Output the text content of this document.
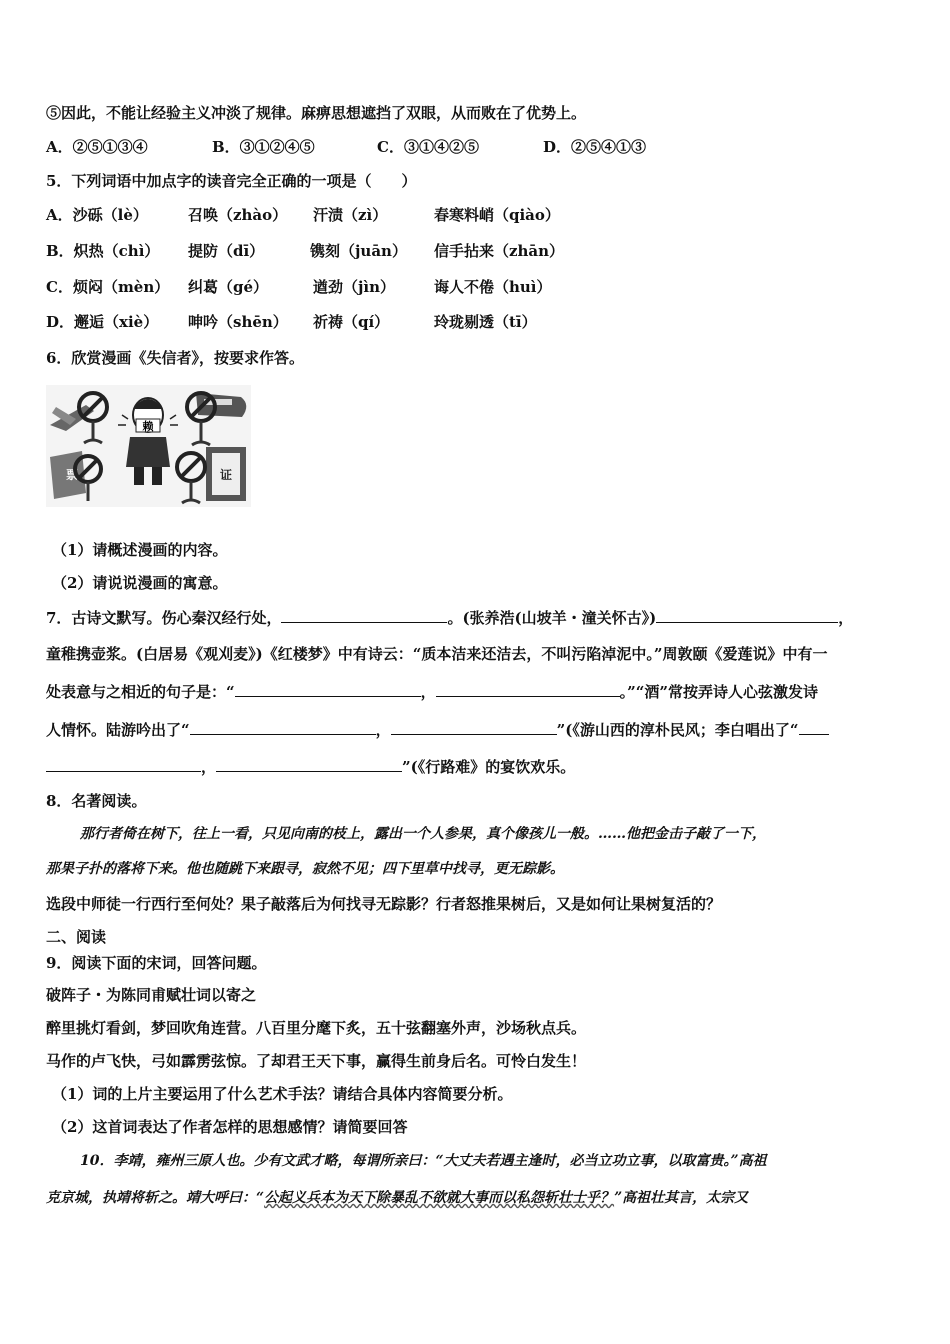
⑤因此，不能让经验主义冲淡了规律。麻痹思想遮挡了双眼，从而败在了优势上。
A．②⑤①③④	B．③①②④⑤	C．③①④②⑤	D．②⑤④①③
5．下列词语中加点字的读音完全正确的一项是（　　）
A．沙砾（lè）	召唤（zhào） 汗渍（zì）	春寒料峭（qiào）
B．炽热（chì） 提防（dī）	镌刻（juān） 信手拈来（zhān）
C．烦闷（mèn） 纠葛（gé）	遒劲（jìn）	诲人不倦（huì）
D．邂逅（xiè） 呻吟（shēn） 祈祷（qí）	玲珑剔透（tī）
6．欣赏漫画《失信者》，按要求作答。
赖
票	证
（1）请概述漫画的内容。
（2）请说说漫画的寓意。
7．古诗文默写。伤心秦汉经行处，	。(张养浩(山坡羊・潼关怀古》)	，
童稚携壶浆。(白居易《观刈麦》)《红楼梦》中有诗云：“质本洁来还洁去，不叫污陷淖泥中。”周敦颐《爱莲说》中有一
处表意与之相近的句子是：“	，	。”“酒”常按弄诗人心弦激发诗
人情怀。陆游吟出了“	，	”(《游山西的淳朴民风；李白唱出了“
，	”(《行路难》的宴饮欢乐。
8．名著阅读。
那行者倚在树下，往上一看，只见向南的枝上，露出一个人参果，真个像孩儿一般。……他把金击子敲了一下，
那果子扑的落将下来。他也随跳下来跟寻，寂然不见；四下里草中找寻，更无踪影。
选段中师徒一行西行至何处？果子敲落后为何找寻无踪影？行者怒推果树后，又是如何让果树复活的？
二、阅读
9．阅读下面的宋词，回答问题。
破阵子・为陈同甫赋壮词以寄之
醉里挑灯看剑，梦回吹角连营。八百里分麾下炙，五十弦翻塞外声，沙场秋点兵。
马作的卢飞快，弓如霹雳弦惊。了却君王天下事，赢得生前身后名。可怜白发生！
（1）词的上片主要运用了什么艺术手法？请结合具体内容简要分析。
（2）这首词表达了作者怎样的思想感情？请简要回答
10．李靖，雍州三原人也。少有文武才略，每谓所亲曰：“大丈夫若遇主逢时，必当立功立事，以取富贵。”高祖
克京城，执靖将斩之。靖大呼曰：“公起义兵本为天下除暴乱不欲就大事而以私怨斩壮士乎？”高祖壮其言，太宗又
